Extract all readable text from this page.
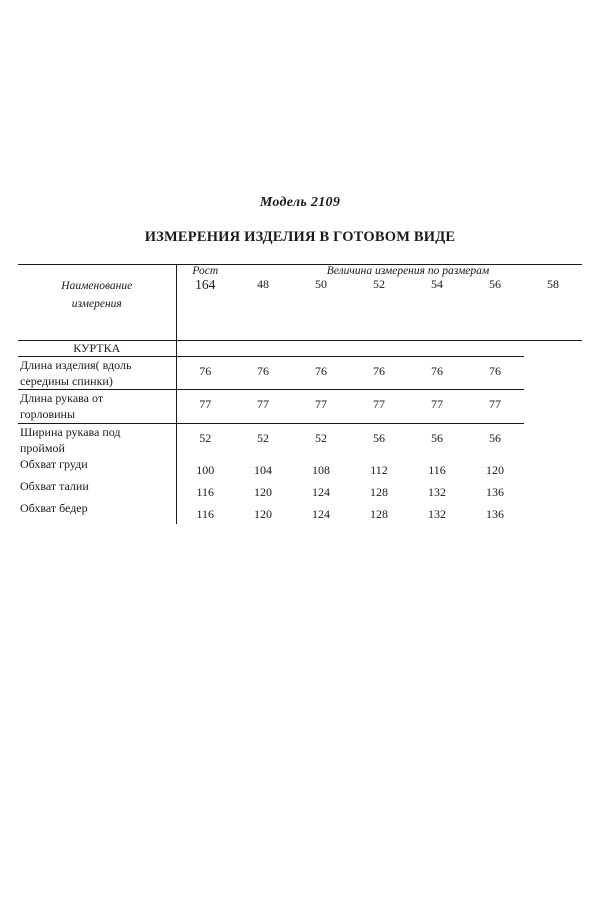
Модель 2109
ИЗМЕРЕНИЯ ИЗДЕЛИЯ В ГОТОВОМ ВИДЕ
	Рост	Величина измерения по размерам					
Наименование
измерения	164	48	50	52	54	56	58

КУРТКА							
Длина изделия( вдоль
середины спинки)	76	76	76	76	76	76	
Длина рукава от
горловины	77	77	77	77	77	77	
Ширина рукава под
проймой	52	52	52	56	56	56	
Обхват груди	100	104	108	112	116	120	
Обхват талии	116	120	124	128	132	136	
Обхват бедер	116	120	124	128	132	136	
